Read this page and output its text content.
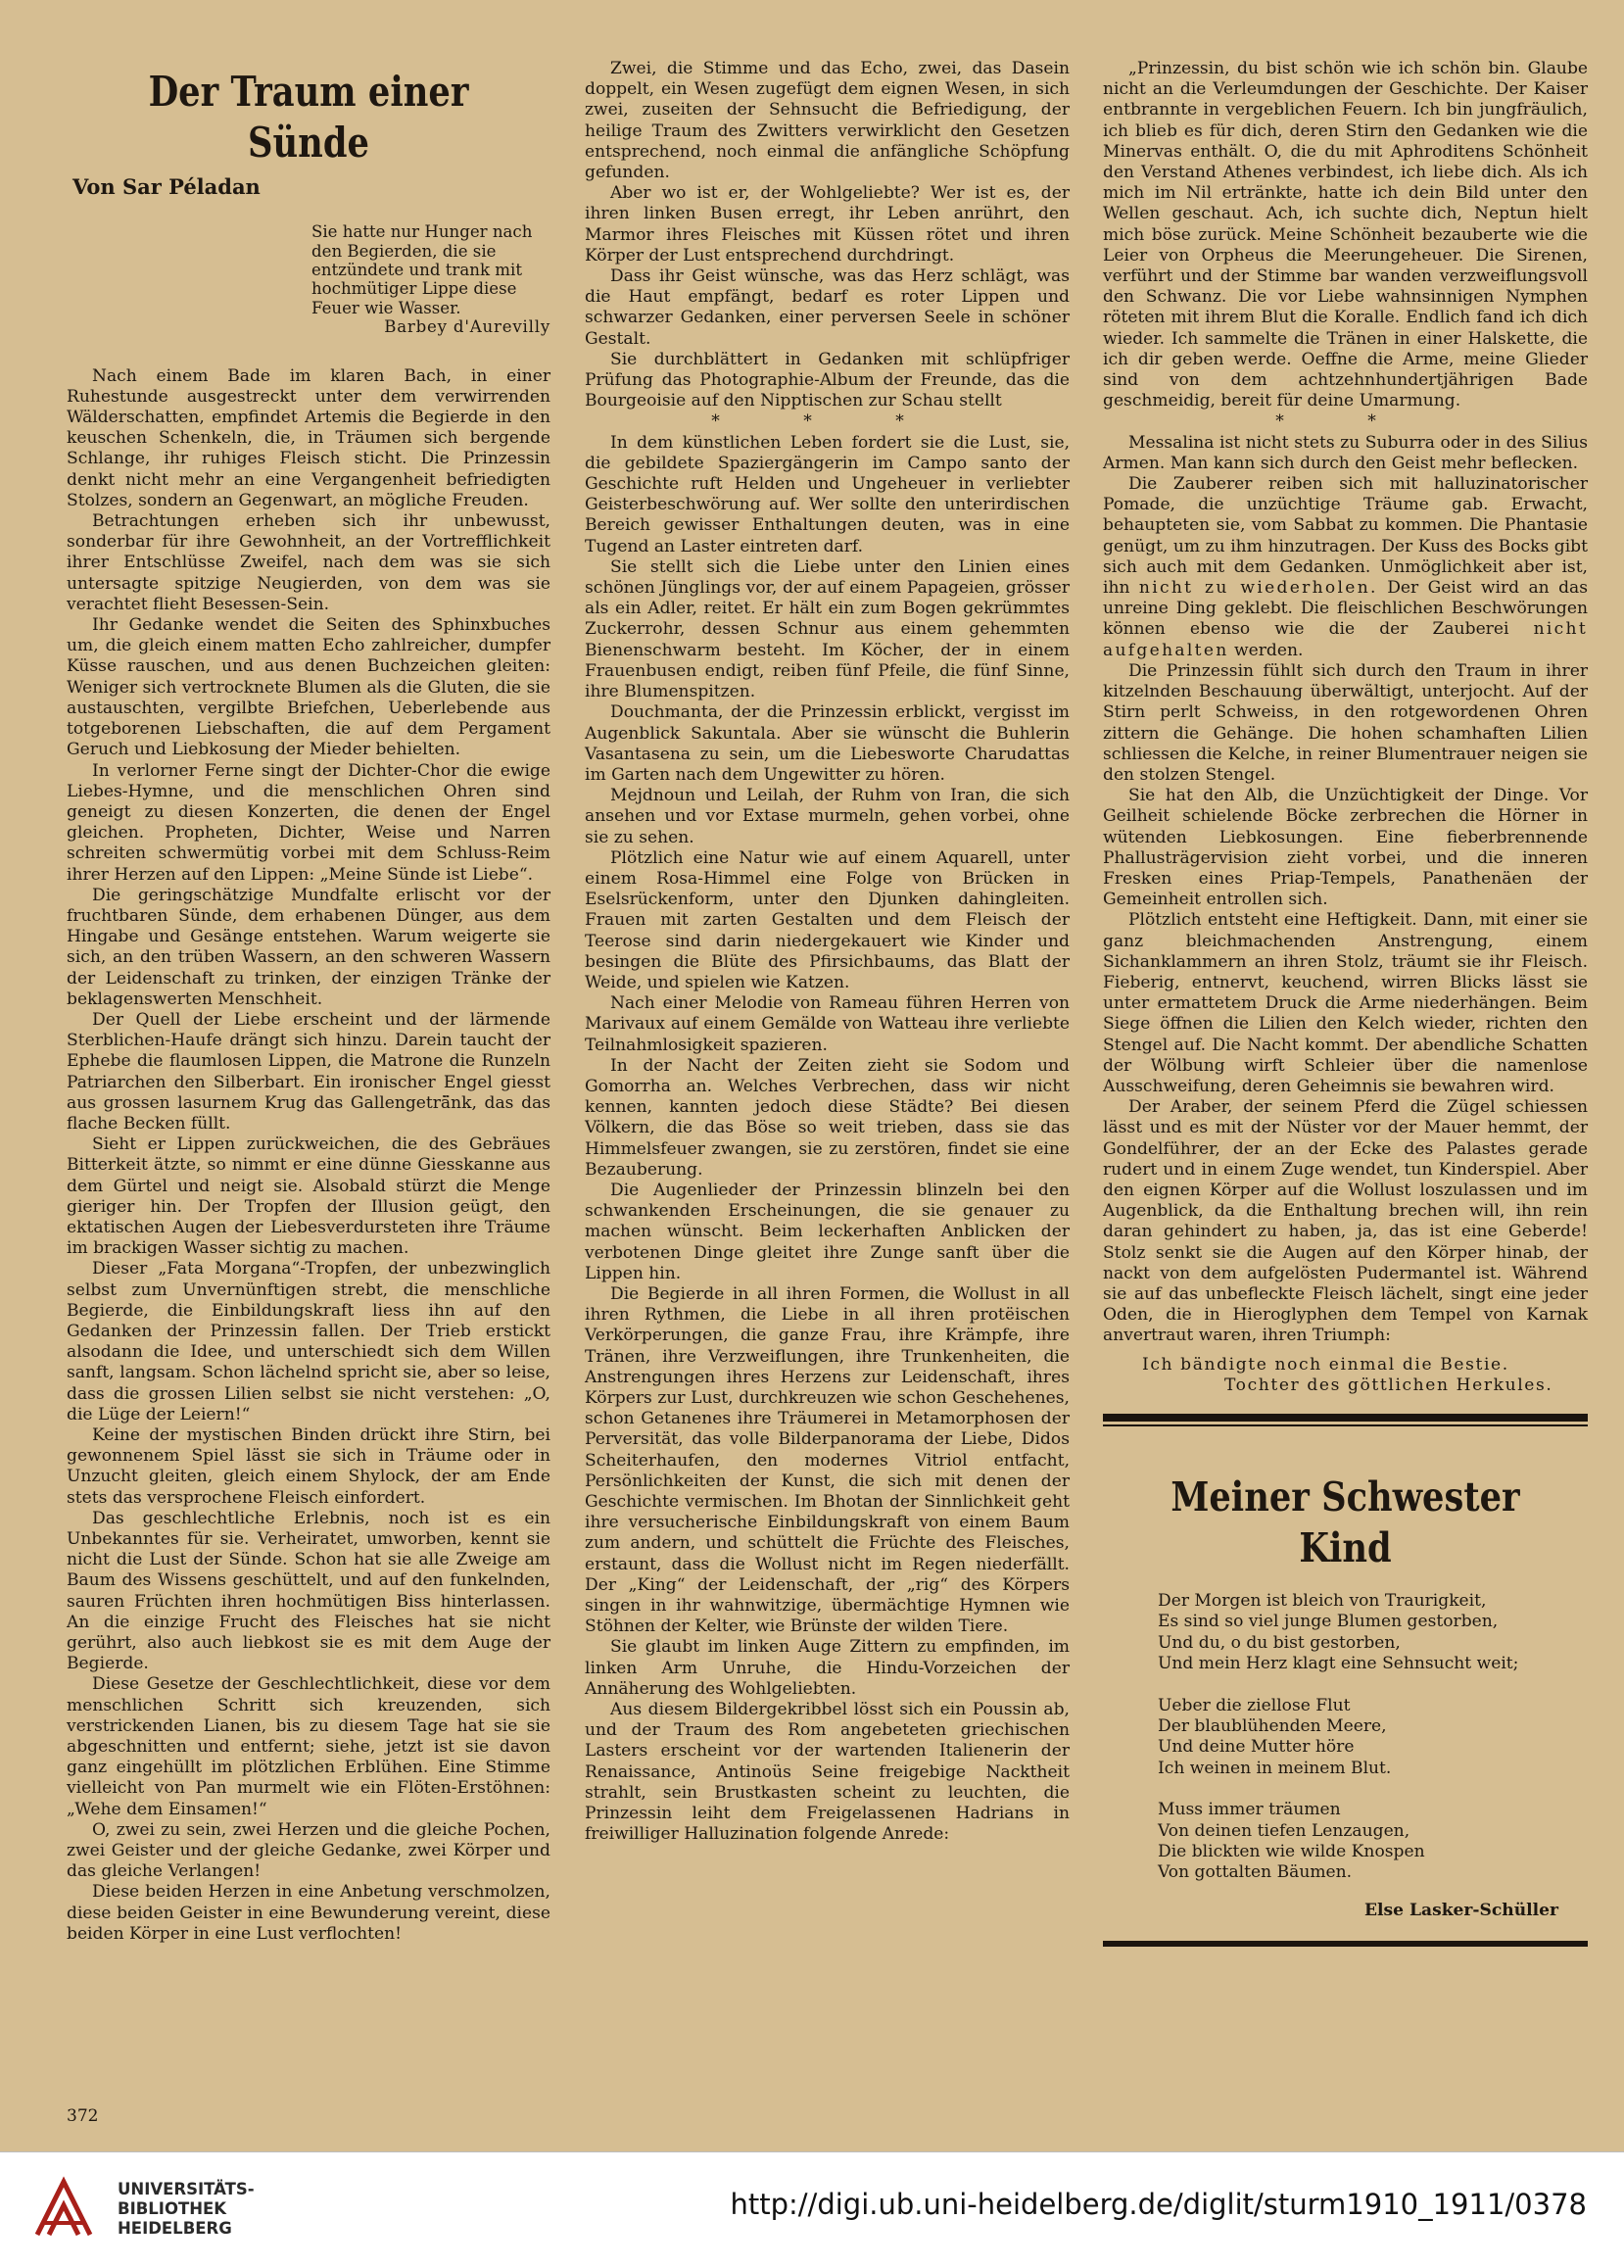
Der Traum einer Sünde
Von Sar Péladan

Sie hatte nur Hunger nach den Begierden, die sie entzündete und trank mit hochmütiger Lippe diese Feuer wie Wasser.

Barbey d'Aurevilly

Nach einem Bade im klaren Bach, in einer Ruhestunde ausgestreckt unter dem verwirrenden Wälderschatten, empfindet Artemis die Begierde in den keuschen Schenkeln, die, in Träumen sich bergende Schlange, ihr ruhiges Fleisch sticht. Die Prinzessin denkt nicht mehr an eine Vergangenheit befriedigten Stolzes, sondern an Gegenwart, an mögliche Freuden.

Betrachtungen erheben sich ihr unbewusst, sonderbar für ihre Gewohnheit, an der Vortrefflichkeit ihrer Entschlüsse Zweifel, nach dem was sie sich untersagte spitzige Neugierden, von dem was sie verachtet flieht Besessen-Sein.

Ihr Gedanke wendet die Seiten des Sphinxbuches um, die gleich einem matten Echo zahlreicher, dumpfer Küsse rauschen, und aus denen Buchzeichen gleiten: Weniger sich vertrocknete Blumen als die Gluten, die sie austauschten, vergilbte Briefchen, Ueberlebende aus totgeborenen Liebschaften, die auf dem Pergament Geruch und Liebkosung der Mieder behielten.

In verlorner Ferne singt der Dichter-Chor die ewige Liebes-Hymne, und die menschlichen Ohren sind geneigt zu diesen Konzerten, die denen der Engel gleichen. Propheten, Dichter, Weise und Narren schreiten schwermütig vorbei mit dem Schluss-Reim ihrer Herzen auf den Lippen: „Meine Sünde ist Liebe“.

Die geringschätzige Mundfalte erlischt vor der fruchtbaren Sünde, dem erhabenen Dünger, aus dem Hingabe und Gesänge entstehen. Warum weigerte sie sich, an den trüben Wassern, an den schweren Wassern der Leidenschaft zu trinken, der einzigen Tränke der beklagenswerten Menschheit.

Der Quell der Liebe erscheint und der lärmende Sterblichen-Haufe drängt sich hinzu. Darein taucht der Ephebe die flaumlosen Lippen, die Matrone die Runzeln Patriarchen den Silberbart. Ein ironischer Engel giesst aus grossen lasurnem Krug das Gallengeträ̈nk, das das flache Becken füllt.

Sieht er Lippen zurückweichen, die des Gebräues Bitterkeit ätzte, so nimmt er eine dünne Giesskanne aus dem Gürtel und neigt sie. Alsobald stürzt die Menge gieriger hin. Der Tropfen der Illusion geügt, den ektatischen Augen der Liebesverdursteten ihre Träume im brackigen Wasser sichtig zu machen.

Dieser „Fata Morgana“-Tropfen, der unbezwinglich selbst zum Unvernünftigen strebt, die menschliche Begierde, die Einbildungskraft liess ihn auf den Gedanken der Prinzessin fallen. Der Trieb erstickt alsodann die Idee, und unterschiedt sich dem Willen sanft, langsam. Schon lächelnd spricht sie, aber so leise, dass die grossen Lilien selbst sie nicht verstehen: „O, die Lüge der Leiern!“

Keine der mystischen Binden drückt ihre Stirn, bei gewonnenem Spiel lässt sie sich in Träume oder in Unzucht gleiten, gleich einem Shylock, der am Ende stets das versprochene Fleisch einfordert.

Das geschlechtliche Erlebnis, noch ist es ein Unbekanntes für sie. Verheiratet, umworben, kennt sie nicht die Lust der Sünde. Schon hat sie alle Zweige am Baum des Wissens geschüttelt, und auf den funkelnden, sauren Früchten ihren hochmütigen Biss hinterlassen. An die einzige Frucht des Fleisches hat sie nicht gerührt, also auch liebkost sie es mit dem Auge der Begierde.

Diese Gesetze der Geschlechtlichkeit, diese vor dem menschlichen Schritt sich kreuzenden, sich verstrickenden Lianen, bis zu diesem Tage hat sie sie abgeschnitten und entfernt; siehe, jetzt ist sie davon ganz eingehüllt im plötzlichen Erblühen. Eine Stimme vielleicht von Pan murmelt wie ein Flöten-Erstöhnen: „Wehe dem Einsamen!“

O, zwei zu sein, zwei Herzen und die gleiche Pochen, zwei Geister und der gleiche Gedanke, zwei Körper und das gleiche Verlangen!

Diese beiden Herzen in eine Anbetung verschmolzen, diese beiden Geister in eine Bewunderung vereint, diese beiden Körper in eine Lust verflochten!

Zwei, die Stimme und das Echo, zwei, das Dasein doppelt, ein Wesen zugefügt dem eignen Wesen, in sich zwei, zuseiten der Sehnsucht die Befriedigung, der heilige Traum des Zwitters verwirklicht den Gesetzen entsprechend, noch einmal die anfängliche Schöpfung gefunden.

Aber wo ist er, der Wohlgeliebte? Wer ist es, der ihren linken Busen erregt, ihr Leben anrührt, den Marmor ihres Fleisches mit Küssen rötet und ihren Körper der Lust entsprechend durchdringt.

Dass ihr Geist wünsche, was das Herz schlägt, was die Haut empfängt, bedarf es roter Lippen und schwarzer Gedanken, einer perversen Seele in schöner Gestalt.

Sie durchblättert in Gedanken mit schlüpfriger Prüfung das Photographie-Album der Freunde, das die Bourgeoisie auf den Nipptischen zur Schau stellt

* * *

In dem künstlichen Leben fordert sie die Lust, sie, die gebildete Spaziergängerin im Campo santo der Geschichte ruft Helden und Ungeheuer in verliebter Geisterbeschwörung auf. Wer sollte den unterirdischen Bereich gewisser Enthaltungen deuten, was in eine Tugend an Laster eintreten darf.

Sie stellt sich die Liebe unter den Linien eines schönen Jünglings vor, der auf einem Papageien, grösser als ein Adler, reitet. Er hält ein zum Bogen gekrümmtes Zuckerrohr, dessen Schnur aus einem gehemmten Bienenschwarm besteht. Im Köcher, der in einem Frauenbusen endigt, reiben fünf Pfeile, die fünf Sinne, ihre Blumenspitzen.

Douchmanta, der die Prinzessin erblickt, vergisst im Augenblick Sakuntala. Aber sie wünscht die Buhlerin Vasantasena zu sein, um die Liebesworte Charudattas im Garten nach dem Ungewitter zu hören.

Mejdnoun und Leilah, der Ruhm von Iran, die sich ansehen und vor Extase murmeln, gehen vorbei, ohne sie zu sehen.

Plötzlich eine Natur wie auf einem Aquarell, unter einem Rosa-Himmel eine Folge von Brücken in Eselsrückenform, unter den Djunken dahingleiten. Frauen mit zarten Gestalten und dem Fleisch der Teerose sind darin niedergekauert wie Kinder und besingen die Blüte des Pfirsichbaums, das Blatt der Weide, und spielen wie Katzen.

Nach einer Melodie von Rameau führen Herren von Marivaux auf einem Gemälde von Watteau ihre verliebte Teilnahmlosigkeit spazieren.

In der Nacht der Zeiten zieht sie Sodom und Gomorrha an. Welches Verbrechen, dass wir nicht kennen, kannten jedoch diese Städte? Bei diesen Völkern, die das Böse so weit trieben, dass sie das Himmelsfeuer zwangen, sie zu zerstören, findet sie eine Bezauberung.

Die Augenlieder der Prinzessin blinzeln bei den schwankenden Erscheinungen, die sie genauer zu machen wünscht. Beim leckerhaften Anblicken der verbotenen Dinge gleitet ihre Zunge sanft über die Lippen hin.

Die Begierde in all ihren Formen, die Wollust in all ihren Rythmen, die Liebe in all ihren protëischen Verkörperungen, die ganze Frau, ihre Krämpfe, ihre Tränen, ihre Verzweiflungen, ihre Trunkenheiten, die Anstrengungen ihres Herzens zur Leidenschaft, ihres Körpers zur Lust, durchkreuzen wie schon Geschehenes, schon Getanenes ihre Träumerei in Metamorphosen der Perversität, das volle Bilderpanorama der Liebe, Didos Scheiterhaufen, den modernes Vitriol entfacht, Persönlichkeiten der Kunst, die sich mit denen der Geschichte vermischen. Im Bhotan der Sinnlichkeit geht ihre versucherische Einbildungskraft von einem Baum zum andern, und schüttelt die Früchte des Fleisches, erstaunt, dass die Wollust nicht im Regen niederfällt. Der „King“ der Leidenschaft, der „rig“ des Körpers singen in ihr wahnwitzige, übermächtige Hymnen wie Stöhnen der Kelter, wie Brünste der wilden Tiere.

Sie glaubt im linken Auge Zittern zu empfinden, im linken Arm Unruhe, die Hindu-Vorzeichen der Annäherung des Wohlgeliebten.

Aus diesem Bildergekribbel lösst sich ein Poussin ab, und der Traum des Rom angebeteten griechischen Lasters erscheint vor der wartenden Italienerin der Renaissance, Antinoüs Seine freigebige Nacktheit strahlt, sein Brustkasten scheint zu leuchten, die Prinzessin leiht dem Freigelassenen Hadrians in freiwilliger Halluzination folgende Anrede:

„Prinzessin, du bist schön wie ich schön bin. Glaube nicht an die Verleumdungen der Geschichte. Der Kaiser entbrannte in vergeblichen Feuern. Ich bin jungfräulich, ich blieb es für dich, deren Stirn den Gedanken wie die Minervas enthält. O, die du mit Aphroditens Schönheit den Verstand Athenes verbindest, ich liebe dich. Als ich mich im Nil ertränkte, hatte ich dein Bild unter den Wellen geschaut. Ach, ich suchte dich, Neptun hielt mich böse zurück. Meine Schönheit bezauberte wie die Leier von Orpheus die Meerungeheuer. Die Sirenen, verführt und der Stimme bar wanden verzweiflungsvoll den Schwanz. Die vor Liebe wahnsinnigen Nymphen röteten mit ihrem Blut die Koralle. Endlich fand ich dich wieder. Ich sammelte die Tränen in einer Halskette, die ich dir geben werde. Oeffne die Arme, meine Glieder sind von dem achtzehnhundertjährigen Bade geschmeidig, bereit für deine Umarmung.

* *

Messalina ist nicht stets zu Suburra oder in des Silius Armen. Man kann sich durch den Geist mehr beflecken.

Die Zauberer reiben sich mit halluzinatorischer Pomade, die unzüchtige Träume gab. Erwacht, behaupteten sie, vom Sabbat zu kommen. Die Phantasie genügt, um zu ihm hinzutragen. Der Kuss des Bocks gibt sich auch mit dem Gedanken. Unmöglichkeit aber ist, ihn nicht zu wiederholen. Der Geist wird an das unreine Ding geklebt. Die fleischlichen Beschwörungen können ebenso wie die der Zauberei nicht aufgehalten werden.

Die Prinzessin fühlt sich durch den Traum in ihrer kitzelnden Beschauung überwältigt, unterjocht. Auf der Stirn perlt Schweiss, in den rotgewordenen Ohren zittern die Gehänge. Die hohen schamhaften Lilien schliessen die Kelche, in reiner Blumentrauer neigen sie den stolzen Stengel.

Sie hat den Alb, die Unzüchtigkeit der Dinge. Vor Geilheit schielende Böcke zerbrechen die Hörner in wütenden Liebkosungen. Eine fieberbrennende Phallusträgervision zieht vorbei, und die inneren Fresken eines Priap-Tempels, Panathenäen der Gemeinheit entrollen sich.

Plötzlich entsteht eine Heftigkeit. Dann, mit einer sie ganz bleichmachenden Anstrengung, einem Sichanklammern an ihren Stolz, träumt sie ihr Fleisch. Fieberig, entnervt, keuchend, wirren Blicks lässt sie unter ermattetem Druck die Arme niederhängen. Beim Siege öffnen die Lilien den Kelch wieder, richten den Stengel auf. Die Nacht kommt. Der abendliche Schatten der Wölbung wirft Schleier über die namenlose Ausschweifung, deren Geheimnis sie bewahren wird.

Der Araber, der seinem Pferd die Zügel schiessen lässt und es mit der Nüster vor der Mauer hemmt, der Gondelführer, der an der Ecke des Palastes gerade rudert und in einem Zuge wendet, tun Kinderspiel. Aber den eignen Körper auf die Wollust loszulassen und im Augenblick, da die Enthaltung brechen will, ihn rein daran gehindert zu haben, ja, das ist eine Geberde! Stolz senkt sie die Augen auf den Körper hinab, der nackt von dem aufgelösten Pudermantel ist. Während sie auf das unbefleckte Fleisch lächelt, singt eine jeder Oden, die in Hieroglyphen dem Tempel von Karnak anvertraut waren, ihren Triumph:

Ich bändigte noch einmal die Bestie.
Tochter des göttlichen Herkules.
Meiner Schwester Kind
Der Morgen ist bleich von Traurigkeit,
Es sind so viel junge Blumen gestorben,
Und du, o du bist gestorben,
Und mein Herz klagt eine Sehnsucht weit;
Ueber die ziellose Flut
Der blaublühenden Meere,
Und deine Mutter höre
Ich weinen in meinem Blut.
Muss immer träumen
Von deinen tiefen Lenzaugen,
Die blickten wie wilde Knospen
Von gottalten Bäumen.
Else Lasker-Schüller
372
UNIVERSITÄTS-
BIBLIOTHEK
HEIDELBERG
http://digi.ub.uni-heidelberg.de/diglit/sturm1910_1911/0378
